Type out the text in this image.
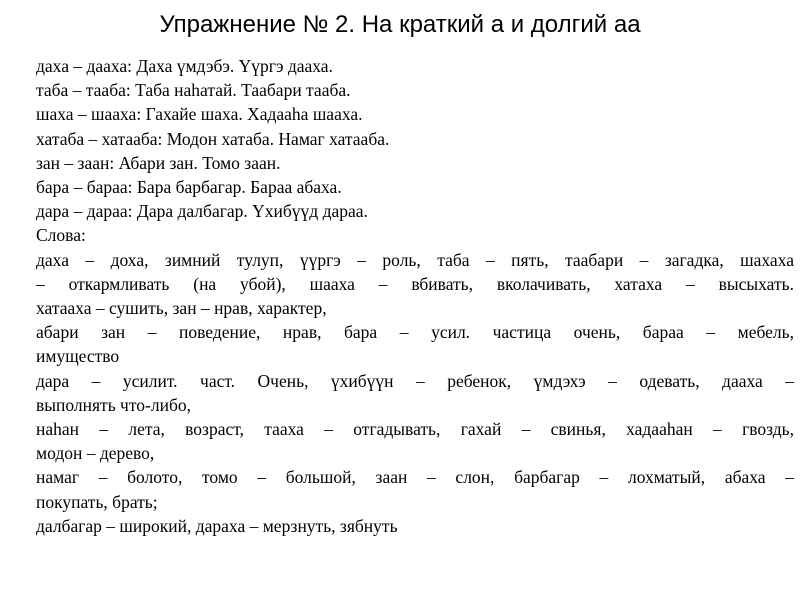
Упражнение № 2. На краткий а и долгий аа
даха – дааха: Даха үмдэбэ. Үүргэ дааха.
таба – тааба: Таба наһатай. Таабари тааба.
шаха – шааха: Гахайе шаха. Хадааһа шааха.
хатаба – хатааба: Модон хатаба. Намаг хатааба.
зан – заан: Абари зан. Томо заан.
бара – бараа: Бара барбагар. Бараа абаха.
дара – дараа: Дара далбагар. Үхибүүд дараа.
Слова:
даха – доха, зимний тулуп, үүргэ – роль, таба – пять, таабари – загадка, шахаха
– откармливать (на убой), шааха – вбивать, вколачивать, хатаха – высыхать.
хатааха – сушить, зан – нрав, характер,
абари зан – поведение, нрав, бара – усил. частица очень, бараа – мебель,
имущество
дара – усилит. част. Очень, үхибүүн – ребенок, үмдэхэ – одевать, дааха –
выполнять что-либо,
наһан – лета, возраст, тааха – отгадывать, гахай – свинья, хадааһан – гвоздь,
модон – дерево,
намаг – болото, томо – большой, заан – слон, барбагар – лохматый, абаха –
покупать, брать;
далбагар – широкий, дараха – мерзнуть, зябнуть
